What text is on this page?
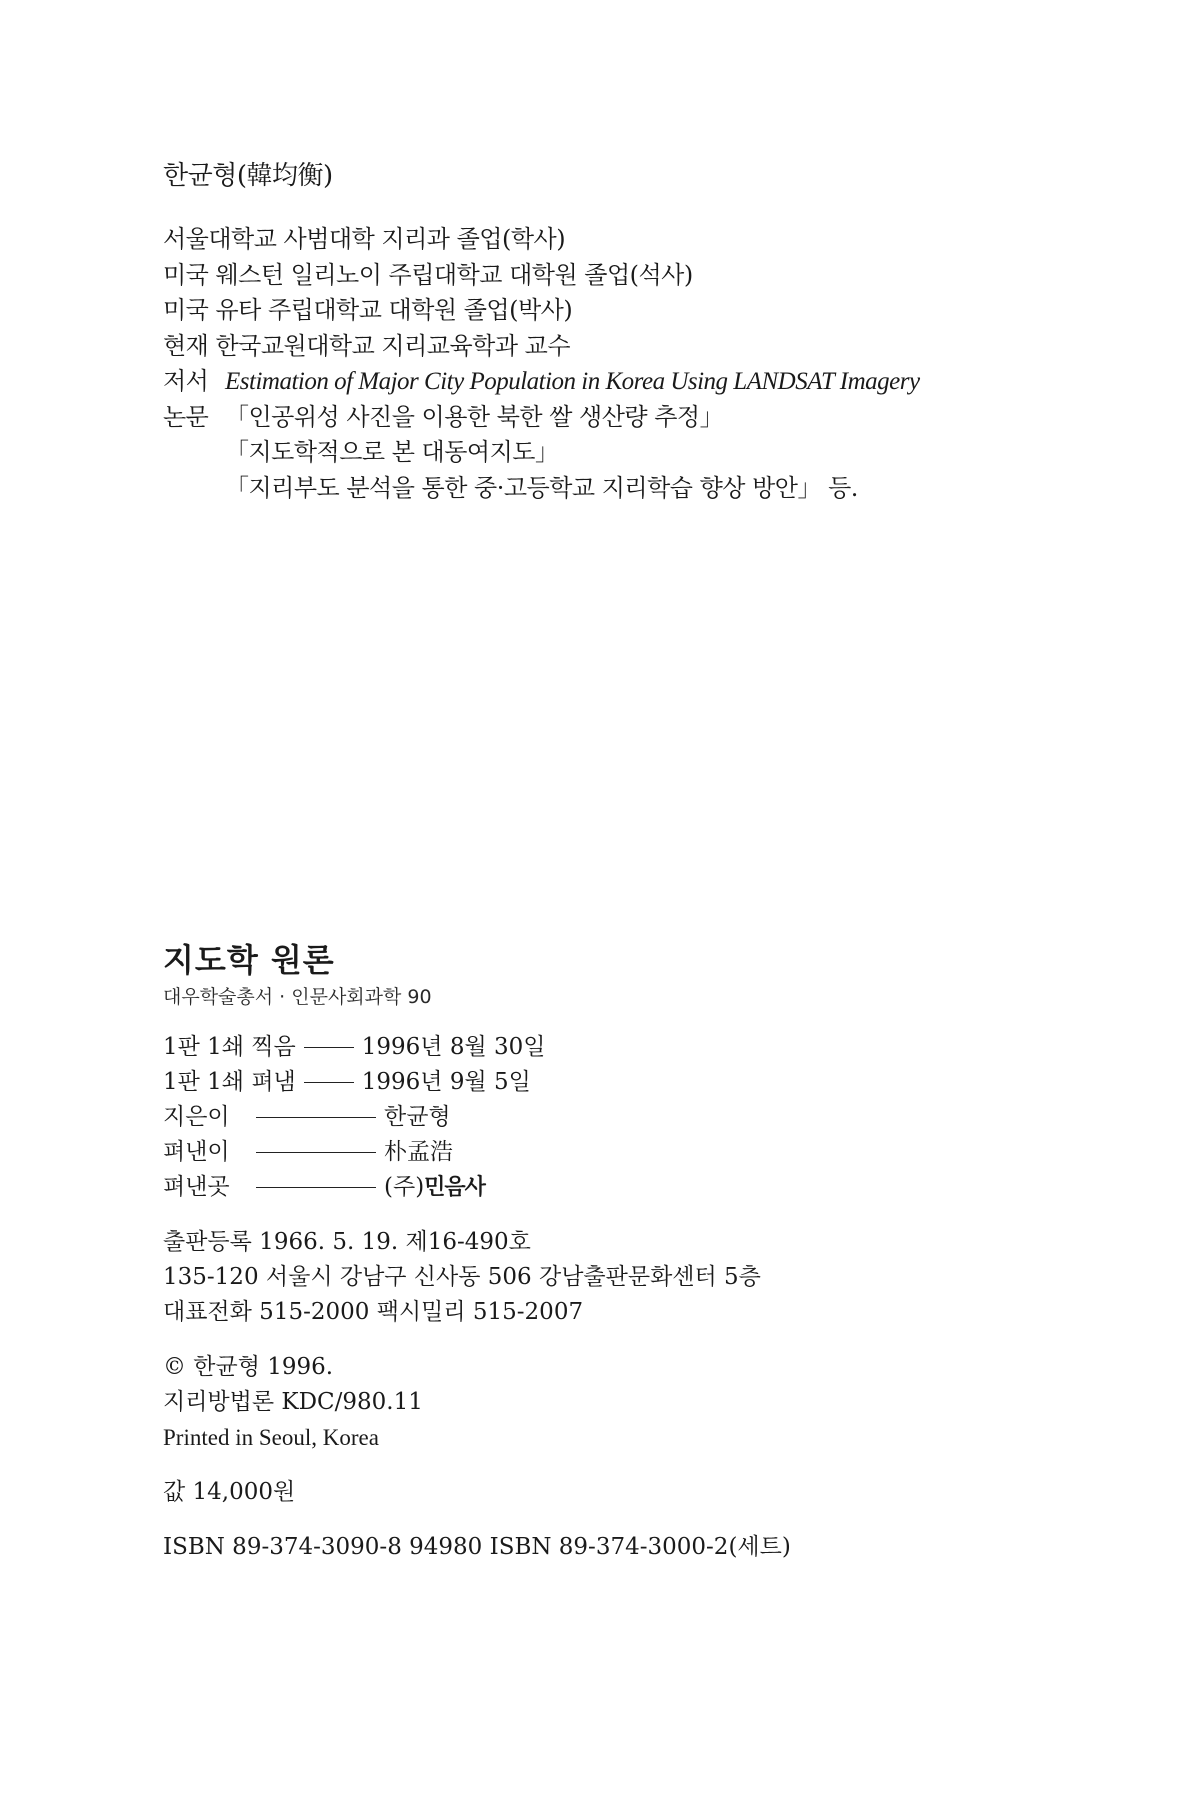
한균형(韓均衡)
서울대학교 사범대학 지리과 졸업(학사)
미국 웨스턴 일리노이 주립대학교 대학원 졸업(석사)
미국 유타 주립대학교 대학원 졸업(박사)
현재 한국교원대학교 지리교육학과 교수
저서 Estimation of Major City Population in Korea Using LANDSAT Imagery
논문 「인공위성 사진을 이용한 북한 쌀 생산량 추정」
「지도학적으로 본 대동여지도」
「지리부도 분석을 통한 중·고등학교 지리학습 향상 방안」 등.
지도학 원론
대우학술총서 · 인문사회과학 90
1판 1쇄 찍음	1996년 8월 30일
1판 1쇄 펴냄	1996년 9월 5일
지은이	한균형
펴낸이	朴孟浩
펴낸곳	(주) 민음사
출판등록 1966. 5. 19. 제16-490호
135-120 서울시 강남구 신사동 506 강남출판문화센터 5층
대표전화 515-2000 팩시밀리 515-2007
© 한균형 1996.
지리방법론 KDC/980.11
Printed in Seoul, Korea
값 14,000원
ISBN 89-374-3090-8 94980 ISBN 89-374-3000-2(세트)
